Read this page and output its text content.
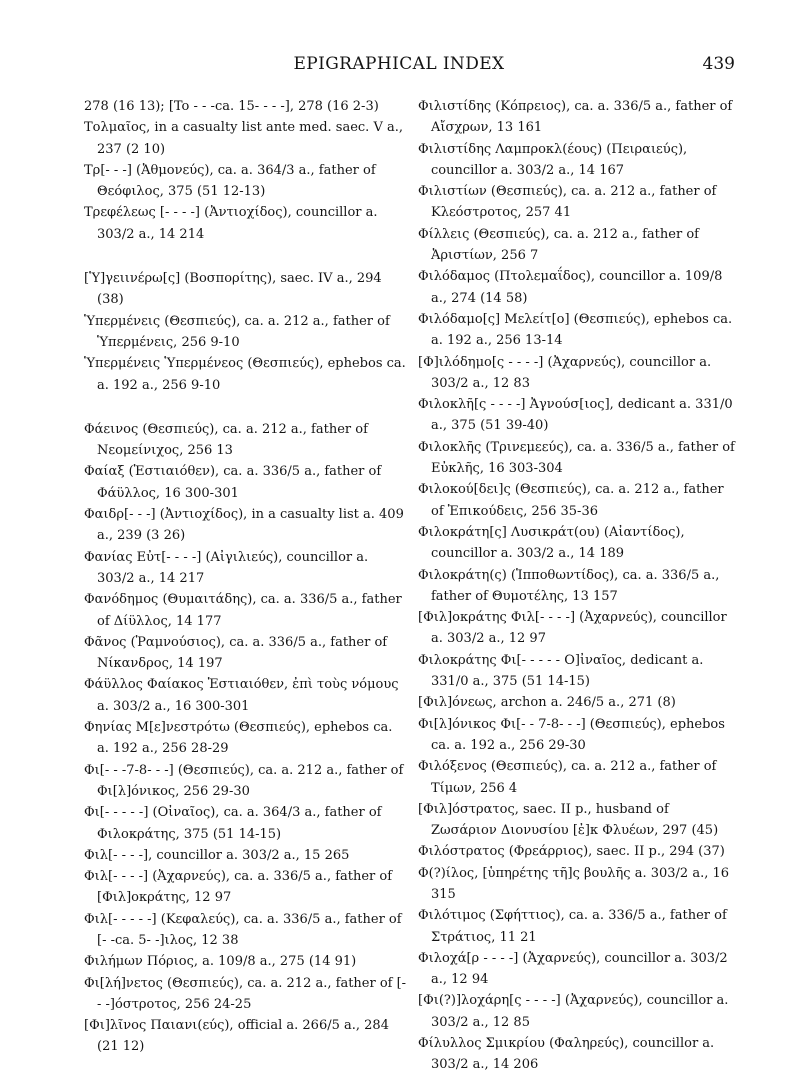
EPIGRAPHICAL INDEX	439

278 (16 13); [To - - -ca. 15- - - -], 278 (16 2-3)

Τολμαῖος, in a casualty list ante med. saec. V a., 237 (2 10)

Τρ[- - -] (Ἀθμονεύς), ca. a. 364/3 a., father of Θεόφιλος, 375 (51 12-13)

Τρεφέλεως [- - - -] (Ἀντιοχίδος), councillor a. 303/2 a., 14 214

[Ὑ]γειινέρω[ς] (Βοσπορίτης), saec. IV a., 294 (38)

Ὑπερμένεις (Θεσπιεύς), ca. a. 212 a., father of Ὑπερμένεις, 256 9-10

Ὑπερμένεις Ὑπερμένεος (Θεσπιεύς), ephebos ca. a. 192 a., 256 9-10

Φάεινος (Θεσπιεύς), ca. a. 212 a., father of Νεομείνιχος, 256 13

Φαίαξ (Ἑστιαιόθεν), ca. a. 336/5 a., father of Φάϋλλος, 16 300-301

Φαιδρ[- - -] (Ἀντιοχίδος), in a casualty list a. 409 a., 239 (3 26)

Φανίας Εὐτ[- - - -] (Αἰγιλιεύς), councillor a. 303/2 a., 14 217

Φανόδημος (Θυμαιτάδης), ca. a. 336/5 a., father of Δίϋλλος, 14 177

Φᾶνος (Ῥαμνούσιος), ca. a. 336/5 a., father of Νίκανδρος, 14 197

Φάϋλλος Φαίακος Ἑστιαιόθεν, ἐπὶ τοὺς νόμους a. 303/2 a., 16 300-301

Φηνίας Μ[ε]νεστρότω (Θεσπιεύς), ephebos ca. a. 192 a., 256 28-29

Φι[- - -7-8- - -] (Θεσπιεύς), ca. a. 212 a., father of Φι[λ]όνικος, 256 29-30

Φι[- - - - -] (Οἰναῖος), ca. a. 364/3 a., father of Φιλοκράτης, 375 (51 14-15)

Φιλ[- - - -], councillor a. 303/2 a., 15 265

Φιλ[- - - -] (Ἀχαρνεύς), ca. a. 336/5 a., father of [Φιλ]οκράτης, 12 97

Φιλ[- - - - -] (Κεφαλεύς), ca. a. 336/5 a., father of [- -ca. 5- -]ιλος, 12 38

Φιλήμων Πόριος, a. 109/8 a., 275 (14 91)

Φι[λή]νετος (Θεσπιεύς), ca. a. 212 a., father of [- - -]όστροτος, 256 24-25

[Φι]λῖνος Παιανι(εύς), official a. 266/5 a., 284 (21 12)

Φιλιστίδης (Κόπρειος), ca. a. 336/5 a., father of Αἴσχρων, 13 161

Φιλιστίδης Λαμπροκλ(έους) (Πειραιεύς), councillor a. 303/2 a., 14 167

Φιλιστίων (Θεσπιεύς), ca. a. 212 a., father of Κλεόστροτος, 257 41

Φίλλεις (Θεσπιεύς), ca. a. 212 a., father of Ἀριστίων, 256 7

Φιλόδαμος (Πτολεμαΐδος), councillor a. 109/8 a., 274 (14 58)

Φιλόδαμο[ς] Μελείτ[ο] (Θεσπιεύς), ephebos ca. a. 192 a., 256 13-14

[Φ]ιλόδημο[ς - - - -] (Ἀχαρνεύς), councillor a. 303/2 a., 12 83

Φιλοκλῆ[ς - - - -] Ἀγνούσ[ιος], dedicant a. 331/0 a., 375 (51 39-40)

Φιλοκλῆς (Τρινεμεεύς), ca. a. 336/5 a., father of Εὐκλῆς, 16 303-304

Φιλοκού[δει]ς (Θεσπιεύς), ca. a. 212 a., father of Ἐπικούδεις, 256 35-36

Φιλοκράτη[ς] Λυσικράτ(ου) (Αἰαντίδος), councillor a. 303/2 a., 14 189

Φιλοκράτη(ς) (Ἱπποθωντίδος), ca. a. 336/5 a., father of Θυμοτέλης, 13 157

[Φιλ]οκράτης Φιλ[- - - -] (Ἀχαρνεύς), councillor a. 303/2 a., 12 97

Φιλοκράτης Φι[- - - - - Ο]ἰναῖος, dedicant a. 331/0 a., 375 (51 14-15)

[Φιλ]όνεως, archon a. 246/5 a., 271 (8)

Φι[λ]όνικος Φι[- - 7-8- - -] (Θεσπιεύς), ephebos ca. a. 192 a., 256 29-30

Φιλόξενος (Θεσπιεύς), ca. a. 212 a., father of Τίμων, 256 4

[Φιλ]όστρατος, saec. II p., husband of Ζωσάριον Διονυσίου [ἐ]κ Φλυέων, 297 (45)

Φιλόστρατος (Φρεάρριος), saec. II p., 294 (37)

Φ(?)ίλος, [ὑπηρέτης τῆ]ς βουλῆς a. 303/2 a., 16 315

Φιλότιμος (Σφήττιος), ca. a. 336/5 a., father of Στράτιος, 11 21

Φιλοχά[ρ - - - -] (Ἀχαρνεύς), councillor a. 303/2 a., 12 94

[Φι(?)]λοχάρη[ς - - - -] (Ἀχαρνεύς), councillor a. 303/2 a., 12 85

Φίλυλλος Σμικρίου (Φαληρεύς), councillor a. 303/2 a., 14 206
